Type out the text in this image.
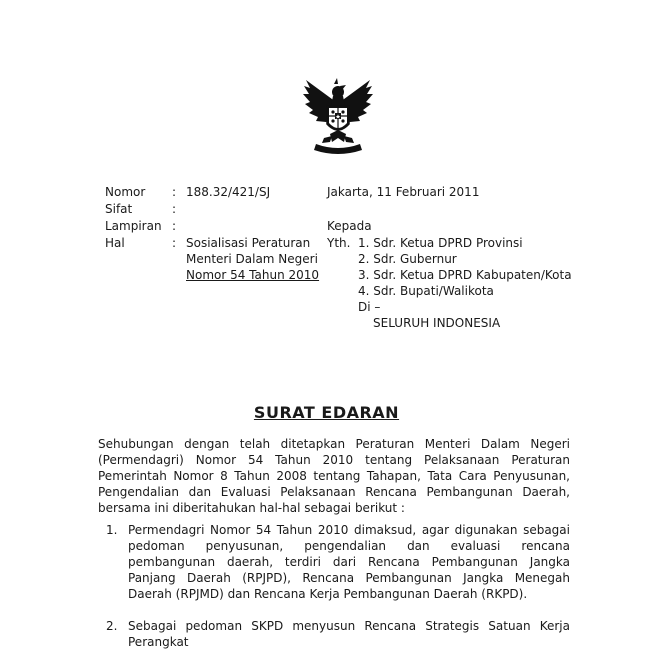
Nomor : 188.32/421/SJ
Sifat	:
Lampiran :
Hal	: Sosialisasi Peraturan
Menteri Dalam Negeri
Nomor 54 Tahun 2010
Jakarta, 11 Februari 2011
Kepada
Yth. 1. Sdr. Ketua DPRD Provinsi
2. Sdr. Gubernur
3. Sdr. Ketua DPRD Kabupaten/Kota
4. Sdr. Bupati/Walikota
Di –
SELURUH INDONESIA
SURAT EDARAN
Sehubungan dengan telah ditetapkan Peraturan Menteri Dalam Negeri (Permendagri) Nomor 54 Tahun 2010 tentang Pelaksanaan Peraturan Pemerintah Nomor 8 Tahun 2008 tentang Tahapan, Tata Cara Penyusunan, Pengendalian dan Evaluasi Pelaksanaan Rencana Pembangunan Daerah, bersama ini diberitahukan hal-hal sebagai berikut :
1. Permendagri Nomor 54 Tahun 2010 dimaksud, agar digunakan sebagai pedoman penyusunan, pengendalian dan evaluasi rencana pembangunan daerah, terdiri dari Rencana Pembangunan Jangka Panjang Daerah (RPJPD), Rencana Pembangunan Jangka Menegah Daerah (RPJMD) dan Rencana Kerja Pembangunan Daerah (RKPD).
2. Sebagai pedoman SKPD menyusun Rencana Strategis Satuan Kerja Perangkat
